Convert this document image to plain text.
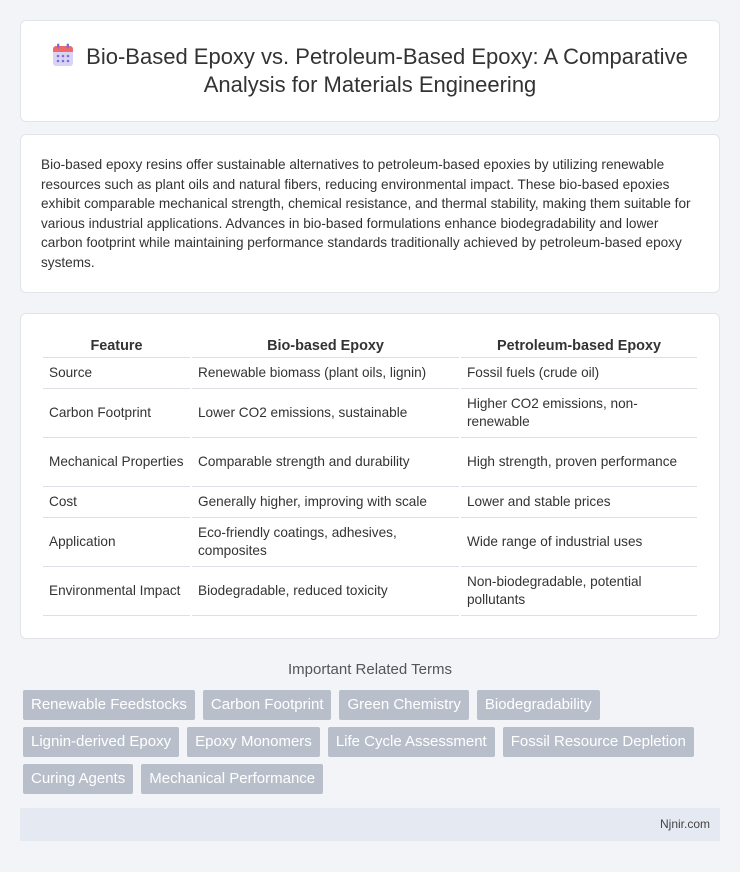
Bio-Based Epoxy vs. Petroleum-Based Epoxy: A Comparative Analysis for Materials Engineering

Bio-based epoxy resins offer sustainable alternatives to petroleum-based epoxies by utilizing renewable resources such as plant oils and natural fibers, reducing environmental impact. These bio-based epoxies exhibit comparable mechanical strength, chemical resistance, and thermal stability, making them suitable for various industrial applications. Advances in bio-based formulations enhance biodegradability and lower carbon footprint while maintaining performance standards traditionally achieved by petroleum-based epoxy systems.

Feature	Bio-based Epoxy	Petroleum-based Epoxy
Source	Renewable biomass (plant oils, lignin)	Fossil fuels (crude oil)
Carbon Footprint	Lower CO2 emissions, sustainable	Higher CO2 emissions, non-renewable
Mechanical Properties	Comparable strength and durability	High strength, proven performance
Cost	Generally higher, improving with scale	Lower and stable prices
Application	Eco-friendly coatings, adhesives, composites	Wide range of industrial uses
Environmental Impact	Biodegradable, reduced toxicity	Non-biodegradable, potential pollutants
Important Related Terms
Renewable Feedstocks	Carbon Footprint	Green Chemistry	Biodegradability
Lignin-derived Epoxy	Epoxy Monomers	Life Cycle Assessment	Fossil Resource Depletion
Curing Agents	Mechanical Performance
Njnir.com
